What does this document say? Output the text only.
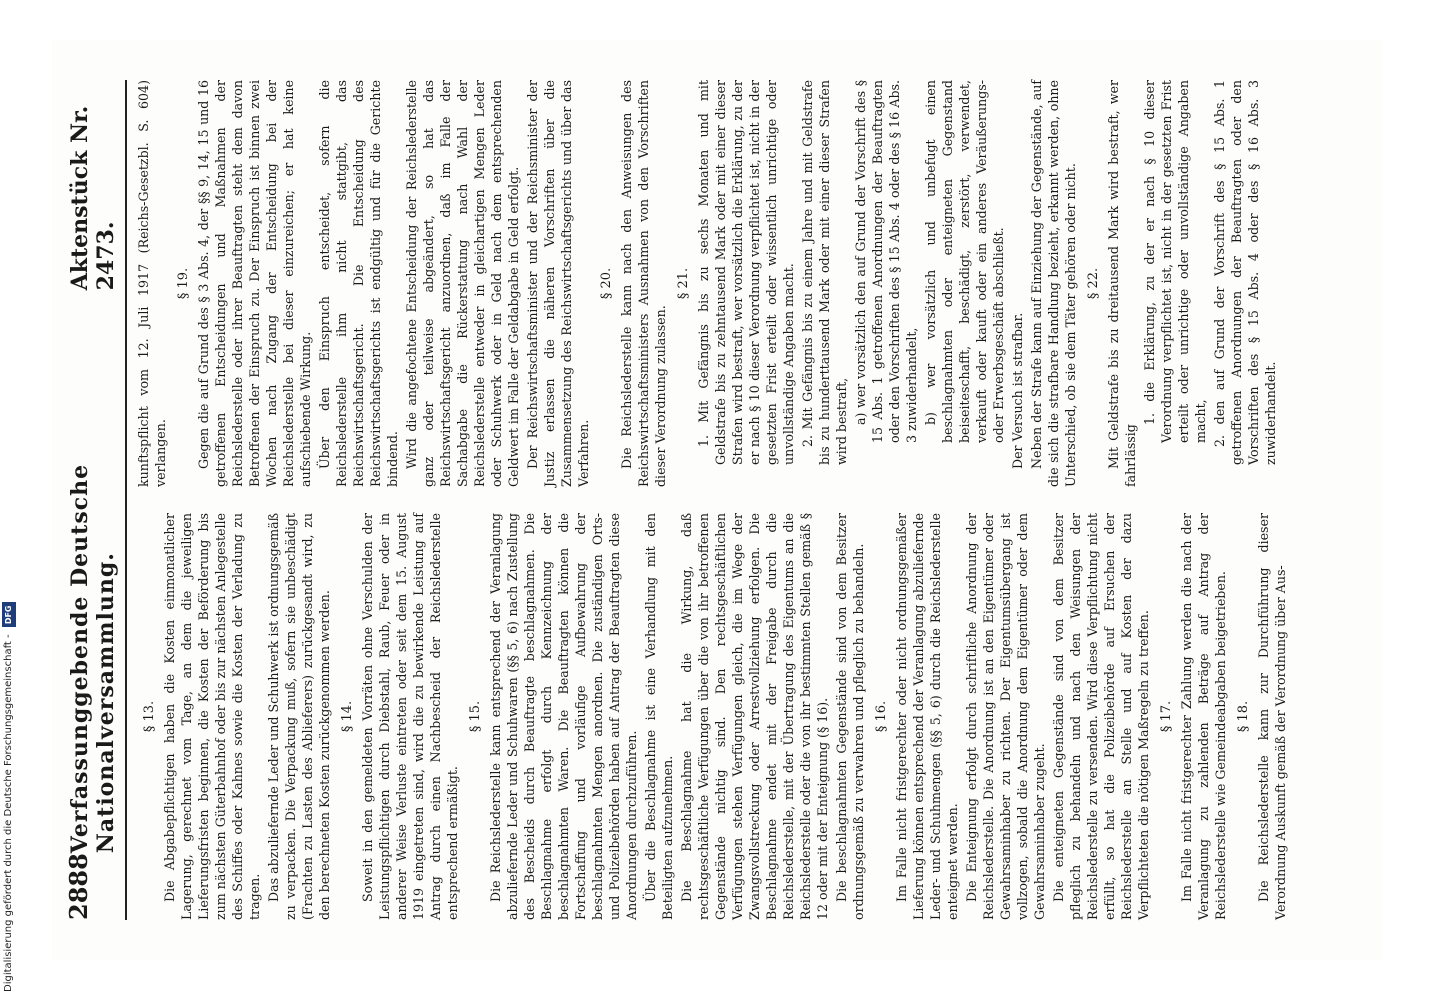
2888
Verfassunggebende Deutsche Nationalversammlung.
Aktenstück Nr. 2473.
§ 13. Die Abgabepflichtigen haben die Kosten einmonatlicher Lagerung, gerechnet vom Tage, an dem die jeweiligen Lieferungsfristen beginnen, die Kosten der Beförderung bis zum nächsten Güterbahnhof oder bis zur nächsten Anlegestelle des Schiffes oder Kahnes sowie die Kosten der Verladung zu tragen. Das abzuliefernde Leder und Schuhwerk ist ordnungsgemäß zu verpacken. Die Verpackung muß, sofern sie unbeschädigt (Frachten zu Lasten des Ablieferers) zurückgesandt wird, zu den berechneten Kosten zurückgenommen werden. § 14. Soweit in den gemeldeten Vorräten ohne Verschulden der Leistungspflichtigen durch Diebstahl, Raub, Feuer oder in anderer Weise Verluste eintreten oder seit dem 15. August 1919 eingetreten sind, wird die zu bewirkende Leistung auf Antrag durch einen Nachbescheid der Reichslederstelle entsprechend ermäßigt.

§ 15. Die Reichslederstelle kann entsprechend der Veranlagung abzuliefernde Leder und Schuhwaren (§§ 5, 6) nach Zustellung des Bescheids durch Beauftragte beschlagnahmen. Die Beschlagnahme erfolgt durch Kennzeichnung der beschlagnahmten Waren. Die Beauftragten können die Fortschaffung und vorläufige Aufbewahrung der beschlagnahmten Mengen anordnen. Die zuständigen Orts- und Polizeibehörden haben auf Antrag der Beauftragten diese Anordnungen durchzuführen. Über die Beschlagnahme ist eine Verhandlung mit den Beteiligten aufzunehmen. Die Beschlagnahme hat die Wirkung, daß rechtsgeschäftliche Verfügungen über die von ihr betroffenen Gegenstände nichtig sind. Den rechtsgeschäftlichen Verfügungen stehen Verfügungen gleich, die im Wege der Zwangsvollstreckung oder Arrestvollziehung erfolgen. Die Beschlagnahme endet mit der Freigabe durch die Reichslederstelle, mit der Übertragung des Eigentums an die Reichslederstelle oder die von ihr bestimmten Stellen gemäß § 12 oder mit der Enteignung (§ 16). Die beschlagnahmten Gegenstände sind von dem Besitzer ordnungsgemäß zu verwahren und pfleglich zu behandeln. § 16. Im Falle nicht fristgerechter oder nicht ordnungsgemäßer Lieferung können entsprechend der Veranlagung abzuliefernde Leder- und Schuhmengen (§§ 5, 6) durch die Reichslederstelle enteignet werden. Die Enteignung erfolgt durch schriftliche Anordnung der Reichslederstelle. Die Anordnung ist an den Eigentümer oder Gewahrsaminhaber zu richten. Der Eigentumsübergang ist vollzogen, sobald die Anordnung dem Eigentümer oder dem Gewahrsaminhaber zugeht. Die enteigneten Gegenstände sind von dem Besitzer pfleglich zu behandeln und nach den Weisungen der Reichslederstelle zu versenden. Wird diese Verpflichtung nicht erfüllt, so hat die Polizeibehörde auf Ersuchen der Reichslederstelle an Stelle und auf Kosten der dazu Verpflichteten die nötigen Maßregeln zu treffen. § 17. Im Falle nicht fristgerechter Zahlung werden die nach der Veranlagung zu zahlenden Beträge auf Antrag der Reichslederstelle wie Gemeindeabgaben beigetrieben. § 18. Die Reichslederstelle kann zur Durchführung dieser Verordnung Auskunft gemäß der Verordnung über Aus-

kunftspflicht vom 12. Juli 1917 (Reichs-Gesetzbl. S. 604) verlangen.

§ 19. Gegen die auf Grund des § 3 Abs. 4, der §§ 9, 14, 15 und 16 getroffenen Entscheidungen und Maßnahmen der Reichslederstelle oder ihrer Beauftragten steht dem davon Betroffenen der Einspruch zu. Der Einspruch ist binnen zwei Wochen nach Zugang der Entscheidung bei der Reichslederstelle bei dieser einzureichen; er hat keine aufschiebende Wirkung. Über den Einspruch entscheidet, sofern die Reichslederstelle ihm nicht stattgibt, das Reichswirtschaftsgericht. Die Entscheidung des Reichswirtschaftsgerichts ist endgültig und für die Gerichte bindend. Wird die angefochtene Entscheidung der Reichslederstelle ganz oder teilweise abgeändert, so hat das Reichswirtschaftsgericht anzuordnen, daß im Falle der Sachabgabe die Rückerstattung nach Wahl der Reichslederstelle entweder in gleichartigen Mengen Leder oder Schuhwerk oder in Geld nach dem entsprechenden Geldwert im Falle der Geldabgabe in Geld erfolgt. Der Reichswirtschaftsminister und der Reichsminister der Justiz erlassen die näheren Vorschriften über die Zusammensetzung des Reichswirtschaftsgerichts und über das Verfahren.

§ 20. Die Reichslederstelle kann nach den Anweisungen des Reichswirtschaftsministers Ausnahmen von den Vorschriften dieser Verordnung zulassen.

§ 21. 1. Mit Gefängnis bis zu sechs Monaten und mit Geldstrafe bis zu zehntausend Mark oder mit einer dieser Strafen wird bestraft, wer vorsätzlich die Erklärung, zu der er nach § 10 dieser Verordnung verpflichtet ist, nicht in der gesetzten Frist erteilt oder wissentlich unrichtige oder unvollständige Angaben macht. 2. Mit Gefängnis bis zu einem Jahre und mit Geldstrafe bis zu hunderttausend Mark oder mit einer dieser Strafen wird bestraft, a) wer vorsätzlich den auf Grund der Vorschrift des § 15 Abs. 1 getroffenen Anordnungen der Beauftragten oder den Vorschriften des § 15 Abs. 4 oder des § 16 Abs. 3 zuwiderhandelt, b) wer vorsätzlich und unbefugt einen beschlagnahmten oder enteigneten Gegenstand beiseiteschafft, beschädigt, zerstört, verwendet, verkauft oder kauft oder ein anderes Veräußerungs- oder Erwerbsgeschäft abschließt. Der Versuch ist strafbar. Neben der Strafe kann auf Einziehung der Gegenstände, auf die sich die strafbare Handlung bezieht, erkannt werden, ohne Unterschied, ob sie dem Täter gehören oder nicht. § 22. Mit Geldstrafe bis zu dreitausend Mark wird bestraft, wer fahrlässig

1. die Erklärung, zu der er nach § 10 dieser Verordnung verpflichtet ist, nicht in der gesetzten Frist erteilt oder unrichtige oder unvollständige Angaben macht, 2. den auf Grund der Vorschrift des § 15 Abs. 1 getroffenen Anordnungen der Beauftragten oder den Vorschriften des § 15 Abs. 4 oder des § 16 Abs. 3 zuwiderhandelt.

Digitalisierung gefördert durch die Deutsche Forschungsgemeinschaft - DFG
